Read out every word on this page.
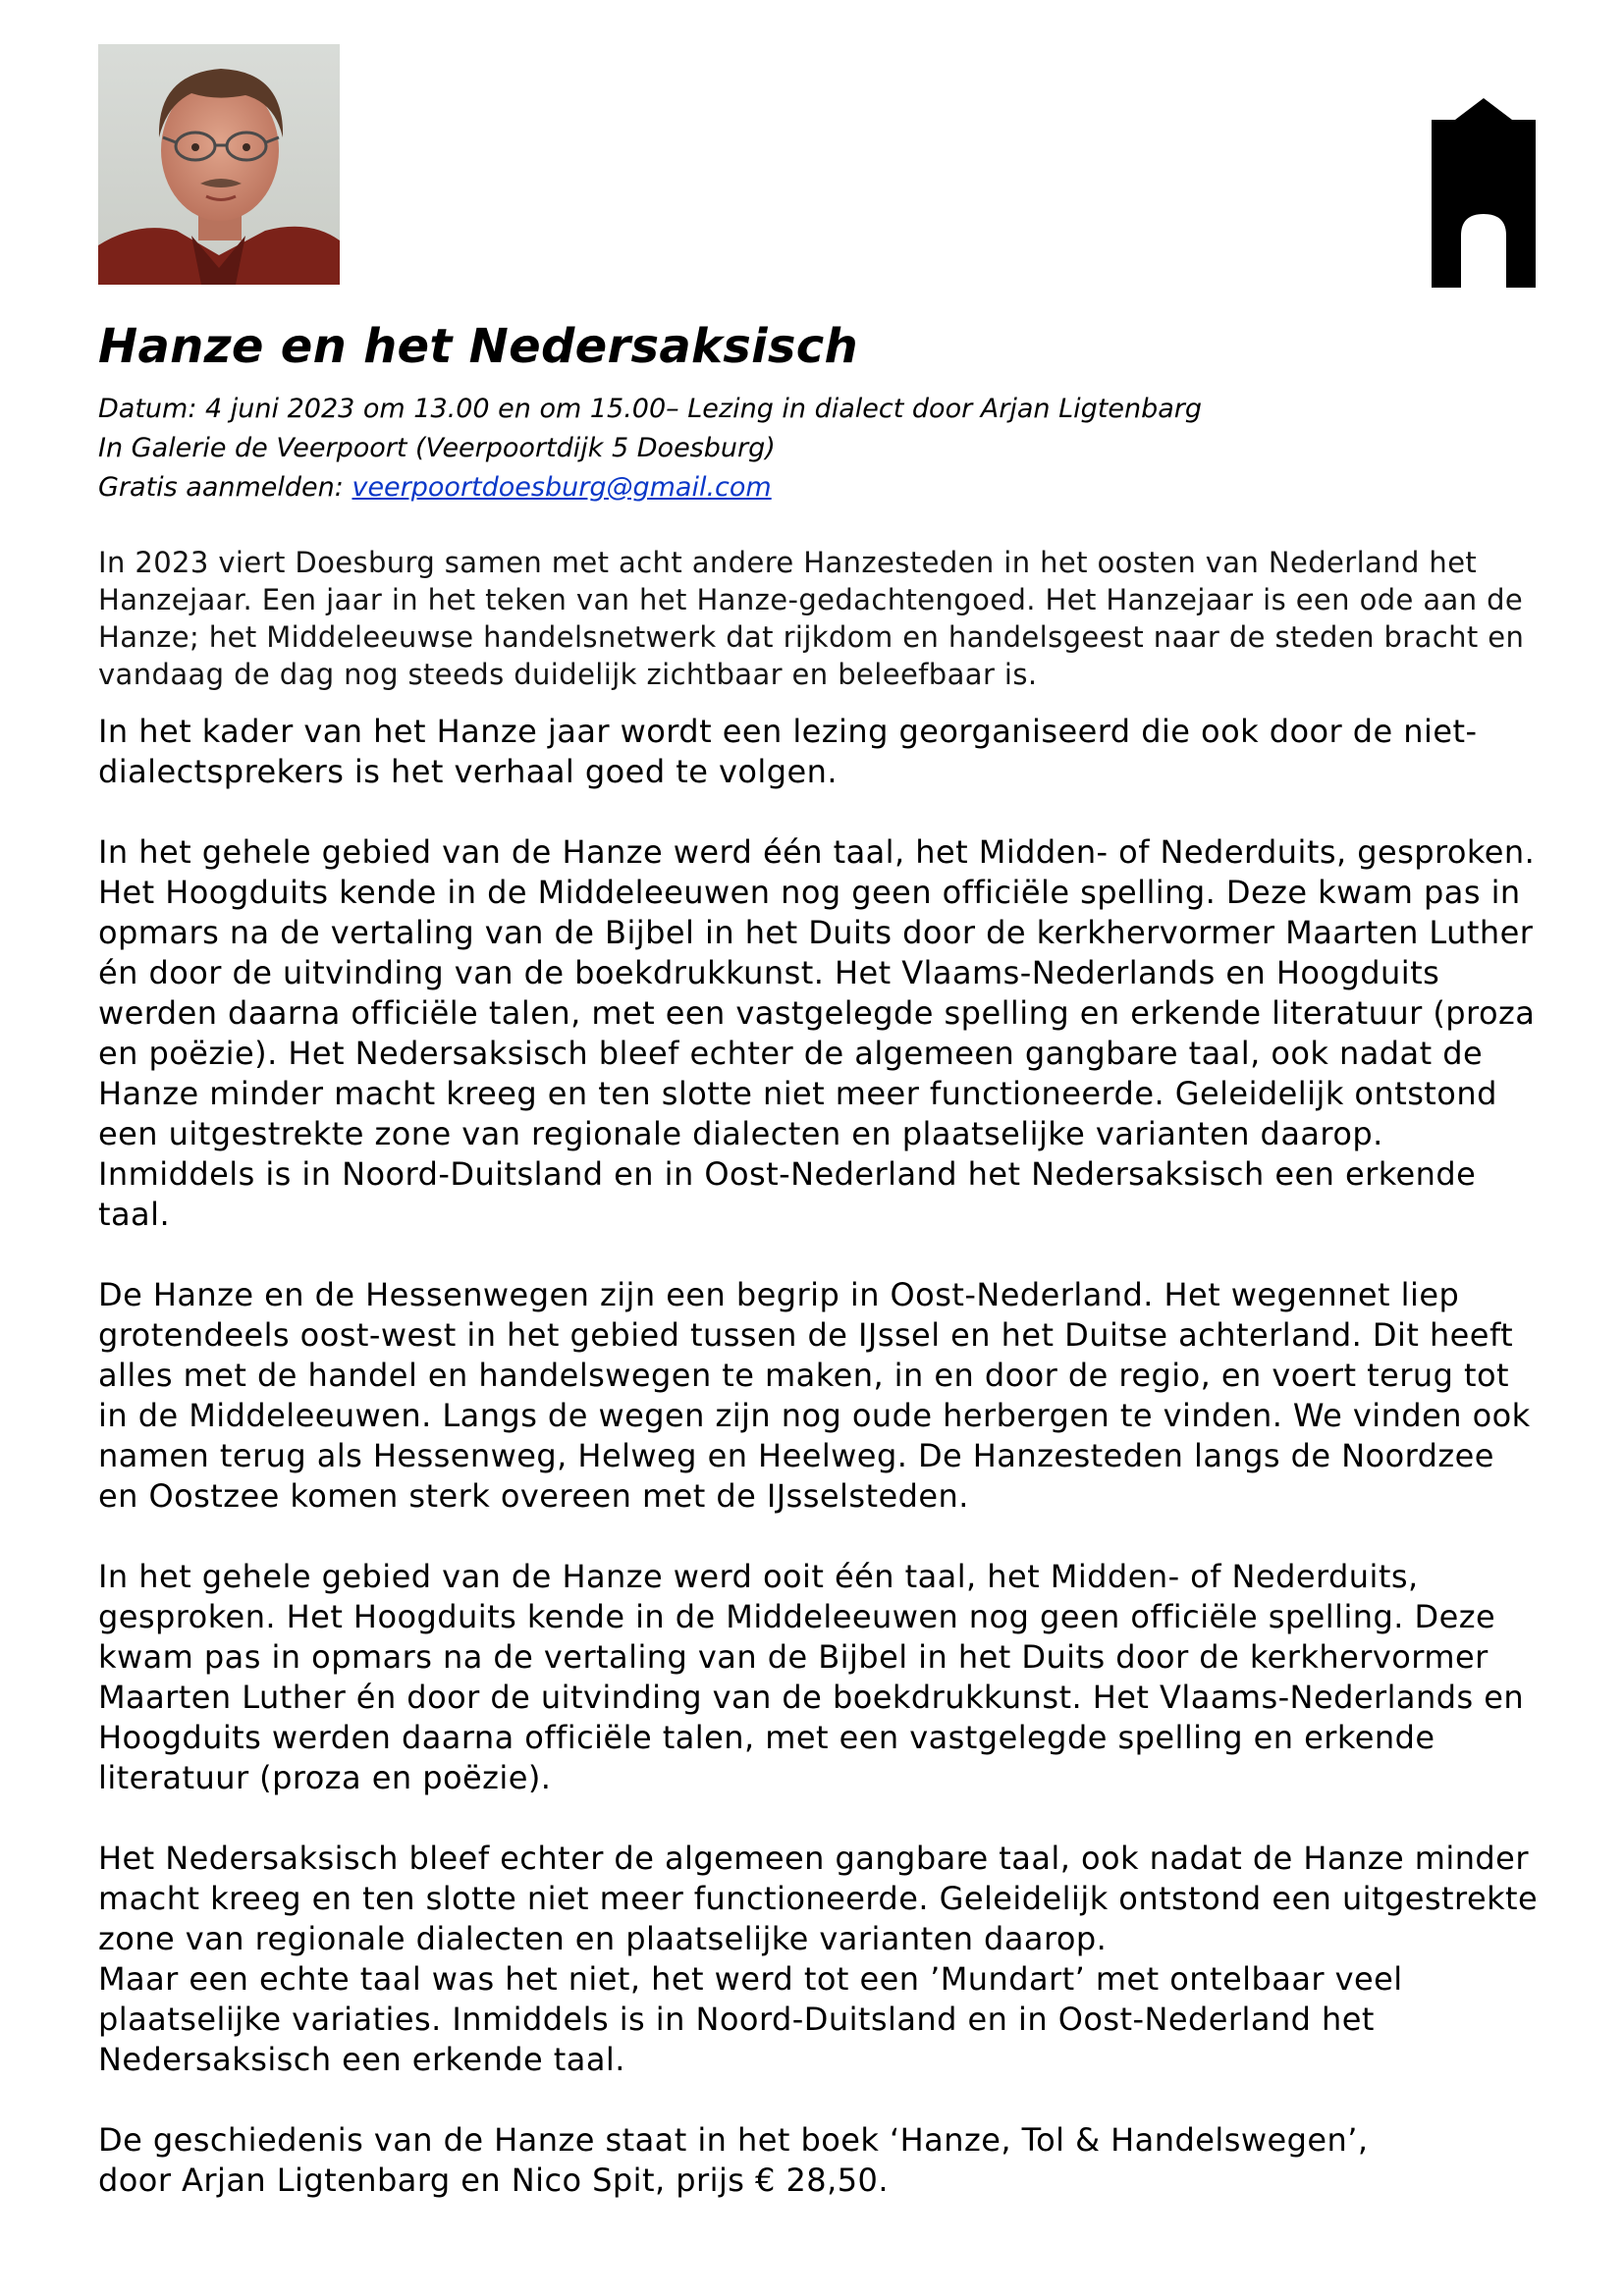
Hanze en het Nedersaksisch
Datum: 4 juni 2023 om 13.00 en om 15.00– Lezing in dialect door Arjan Ligtenbarg
In Galerie de Veerpoort (Veerpoortdijk 5 Doesburg)
Gratis aanmelden: veerpoortdoesburg@gmail.com

In 2023 viert Doesburg samen met acht andere Hanzesteden in het oosten van Nederland het Hanzejaar. Een jaar in het teken van het Hanze-gedachtengoed. Het Hanzejaar is een ode aan de Hanze; het Middeleeuwse handelsnetwerk dat rijkdom en handelsgeest naar de steden bracht en vandaag de dag nog steeds duidelijk zichtbaar en beleefbaar is.

In het kader van het Hanze jaar wordt een lezing georganiseerd die ook door de niet-dialectsprekers is het verhaal goed te volgen.

In het gehele gebied van de Hanze werd één taal, het Midden- of Nederduits, gesproken. Het Hoogduits kende in de Middeleeuwen nog geen officiële spelling. Deze kwam pas in opmars na de vertaling van de Bijbel in het Duits door de kerkhervormer Maarten Luther én door de uitvinding van de boekdrukkunst. Het Vlaams-Nederlands en Hoogduits werden daarna officiële talen, met een vastgelegde spelling en erkende literatuur (proza en poëzie). Het Nedersaksisch bleef echter de algemeen gangbare taal, ook nadat de Hanze minder macht kreeg en ten slotte niet meer functioneerde. Geleidelijk ontstond een uitgestrekte zone van regionale dialecten en plaatselijke varianten daarop. Inmiddels is in Noord-Duitsland en in Oost-Nederland het Nedersaksisch een erkende taal.

De Hanze en de Hessenwegen zijn een begrip in Oost-Nederland. Het wegennet liep grotendeels oost-west in het gebied tussen de IJssel en het Duitse achterland. Dit heeft alles met de handel en handelswegen te maken, in en door de regio, en voert terug tot in de Middeleeuwen. Langs de wegen zijn nog oude herbergen te vinden. We vinden ook namen terug als Hessenweg, Helweg en Heelweg. De Hanzesteden langs de Noordzee en Oostzee komen sterk overeen met de IJsselsteden.

In het gehele gebied van de Hanze werd ooit één taal, het Midden- of Nederduits, gesproken. Het Hoogduits kende in de Middeleeuwen nog geen officiële spelling. Deze kwam pas in opmars na de vertaling van de Bijbel in het Duits door de kerkhervormer Maarten Luther én door de uitvinding van de boekdrukkunst. Het Vlaams-Nederlands en Hoogduits werden daarna officiële talen, met een vastgelegde spelling en erkende literatuur (proza en poëzie).

Het Nedersaksisch bleef echter de algemeen gangbare taal, ook nadat de Hanze minder macht kreeg en ten slotte niet meer functioneerde. Geleidelijk ontstond een uitgestrekte zone van regionale dialecten en plaatselijke varianten daarop.

Maar een echte taal was het niet, het werd tot een ’Mundart’ met ontelbaar veel plaatselijke variaties. Inmiddels is in Noord-Duitsland en in Oost-Nederland het Nedersaksisch een erkende taal.

De geschiedenis van de Hanze staat in het boek ‘Hanze, Tol & Handelswegen’,
door Arjan Ligtenbarg en Nico Spit, prijs € 28,50.
